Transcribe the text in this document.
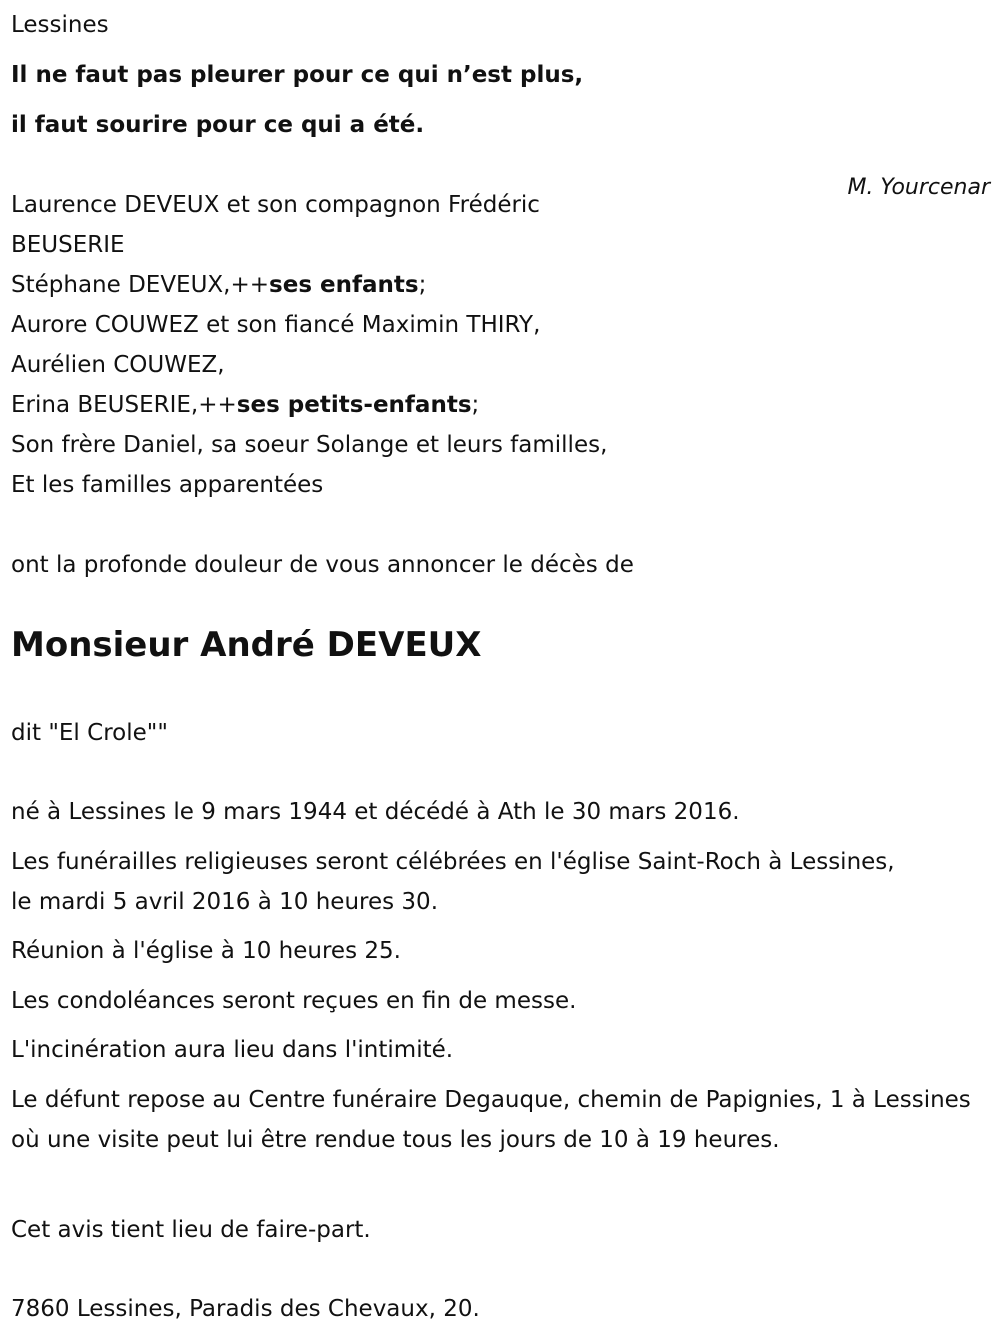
Lessines

Il ne faut pas pleurer pour ce qui n’est plus,

il faut sourire pour ce qui a été.

M. Yourcenar
Laurence DEVEUX et son compagnon Frédéric
BEUSERIE
Stéphane DEVEUX,++ses enfants;
Aurore COUWEZ et son fiancé Maximin THIRY,
Aurélien COUWEZ,
Erina BEUSERIE,++ses petits-enfants;
Son frère Daniel, sa soeur Solange et leurs familles,
Et les familles apparentées

ont la profonde douleur de vous annoncer le décès de

Monsieur André DEVEUX

dit "El Crole""

né à Lessines le 9 mars 1944 et décédé à Ath le 30 mars 2016.

Les funérailles religieuses seront célébrées en l'église Saint-Roch à Lessines, le mardi 5 avril 2016 à 10 heures 30.

Réunion à l'église à 10 heures 25.

Les condoléances seront reçues en fin de messe.

L'incinération aura lieu dans l'intimité.

Le défunt repose au Centre funéraire Degauque, chemin de Papignies, 1 à Lessines où une visite peut lui être rendue tous les jours de 10 à 19 heures.

Cet avis tient lieu de faire-part.

7860 Lessines, Paradis des Chevaux, 20.
